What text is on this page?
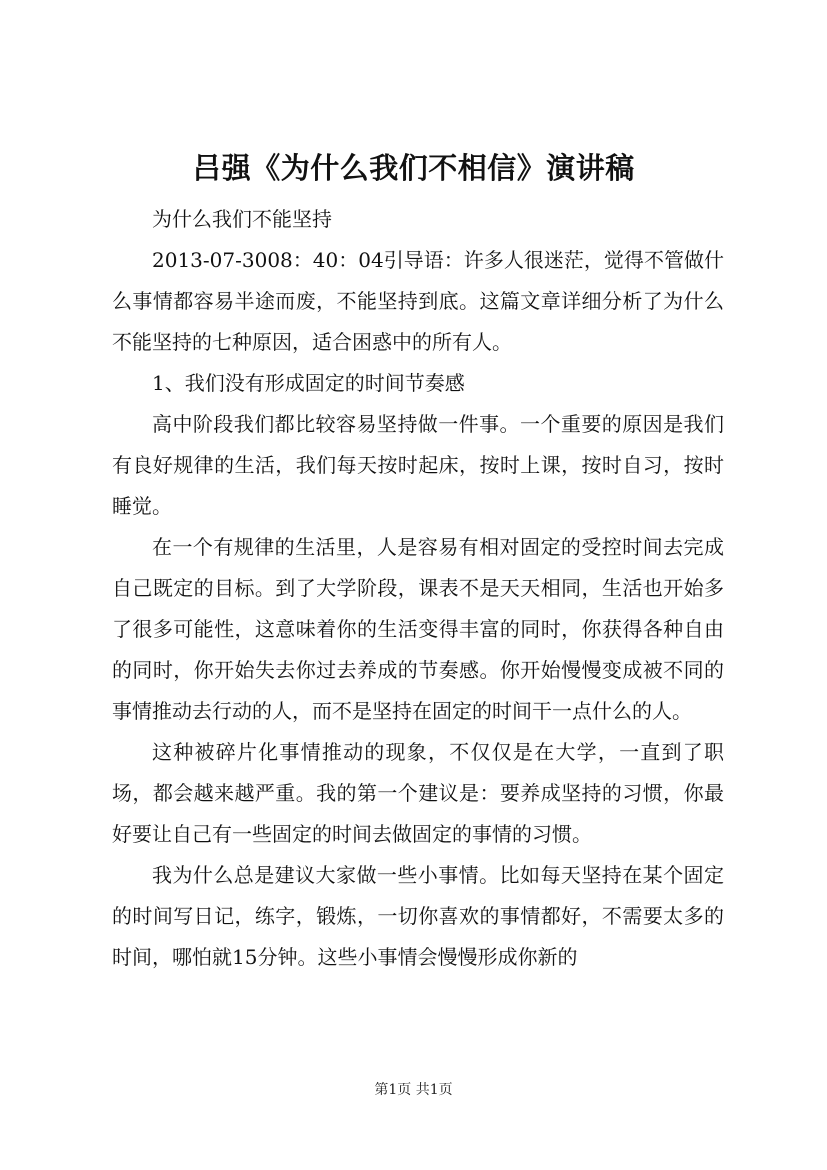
吕强《为什么我们不相信》演讲稿

为什么我们不能坚持

2013-07-3008：40：04引导语：许多人很迷茫，觉得不管做什么事情都容易半途而废，不能坚持到底。这篇文章详细分析了为什么不能坚持的七种原因，适合困惑中的所有人。

1、我们没有形成固定的时间节奏感

高中阶段我们都比较容易坚持做一件事。一个重要的原因是我们有良好规律的生活，我们每天按时起床，按时上课，按时自习，按时睡觉。

在一个有规律的生活里，人是容易有相对固定的受控时间去完成自己既定的目标。到了大学阶段，课表不是天天相同，生活也开始多了很多可能性，这意味着你的生活变得丰富的同时，你获得各种自由的同时，你开始失去你过去养成的节奏感。你开始慢慢变成被不同的事情推动去行动的人，而不是坚持在固定的时间干一点什么的人。

这种被碎片化事情推动的现象，不仅仅是在大学，一直到了职场，都会越来越严重。我的第一个建议是：要养成坚持的习惯，你最好要让自己有一些固定的时间去做固定的事情的习惯。

我为什么总是建议大家做一些小事情。比如每天坚持在某个固定的时间写日记，练字，锻炼，一切你喜欢的事情都好，不需要太多的时间，哪怕就15分钟。这些小事情会慢慢形成你新的

第1页 共1页
